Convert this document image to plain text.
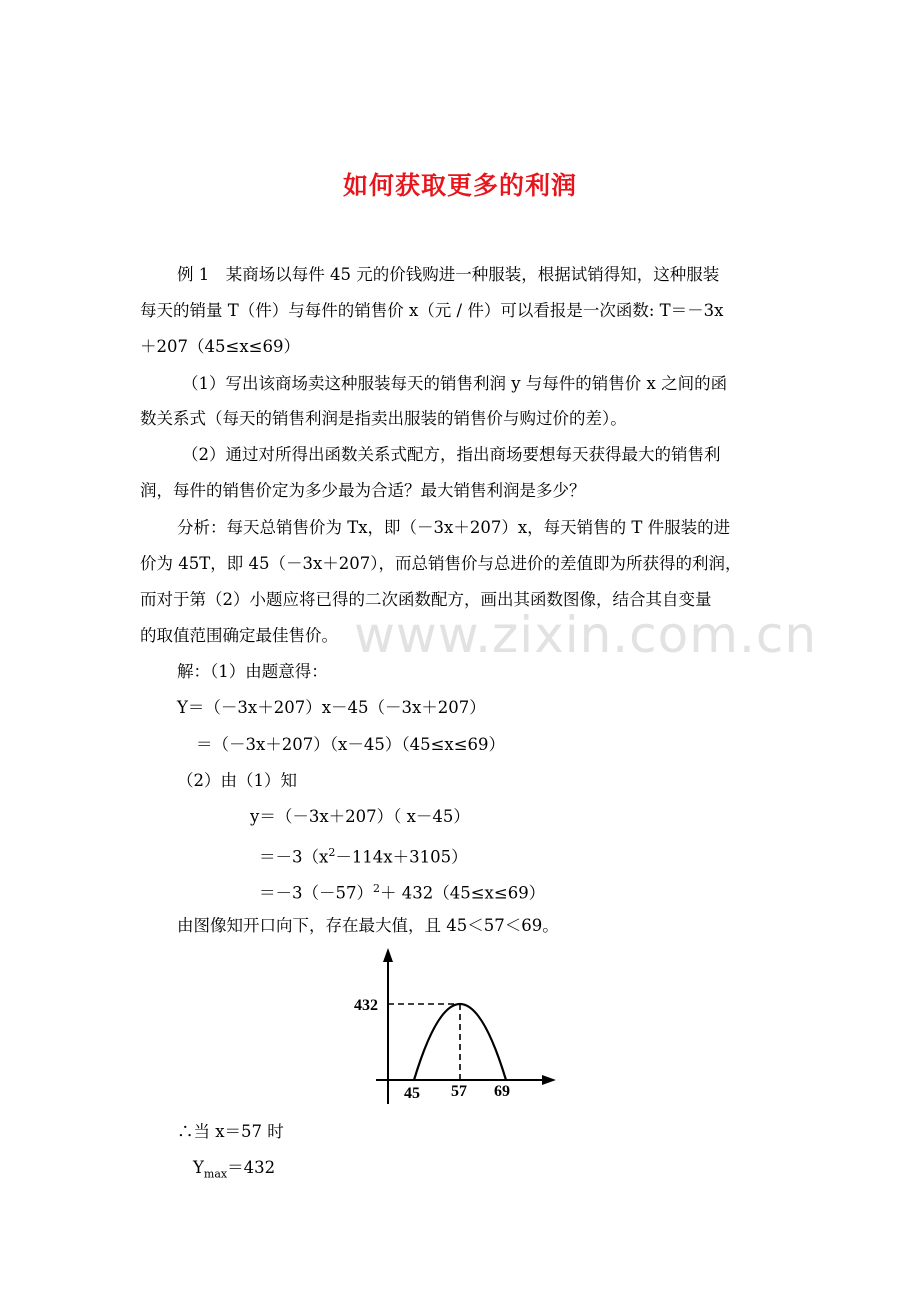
如何获取更多的利润
例 1　某商场以每件 45 元的价钱购进一种服装，根据试销得知，这种服装
每天的销量 T（件）与每件的销售价 x（元 / 件）可以看报是一次函数: T＝－3x
＋207（45≤x≤69）
（1）写出该商场卖这种服装每天的销售利润 y 与每件的销售价 x 之间的函
数关系式（每天的销售利润是指卖出服装的销售价与购过价的差）。
（2）通过对所得出函数关系式配方，指出商场要想每天获得最大的销售利
润，每件的销售价定为多少最为合适？最大销售利润是多少？
分析：每天总销售价为 Tx，即（－3x＋207）x，每天销售的 T 件服装的进
价为 45T，即 45（－3x＋207），而总销售价与总进价的差值即为所获得的利润，
而对于第（2）小题应将已得的二次函数配方，画出其函数图像，结合其自变量
的取值范围确定最佳售价。 www.zixin.com.cn
解：（1）由题意得：
Y＝（－3x＋207）x－45（－3x＋207）
＝（－3x＋207）（x－45）（45≤x≤69）
（2）由（1）知
y＝（－3x＋207）（ x－45）
$=-3(x^2-114x+3105)$
$=-3(-57)^2+ 432(45\le x\le 69)$
由图像知开口向下，存在最大值，且 45＜57＜69。
432
45 57 69
∴当 x＝57 时
$Y_{max}=432$
